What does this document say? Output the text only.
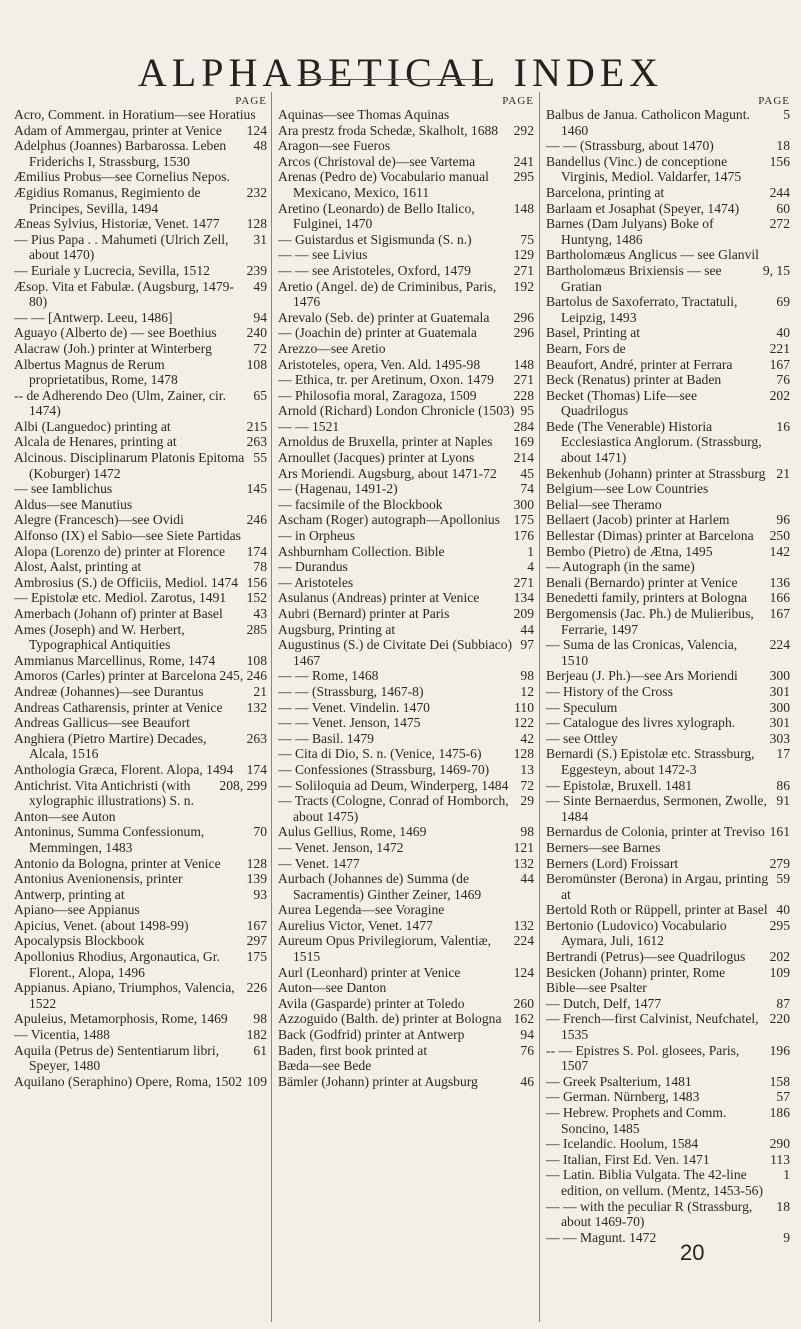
ALPHABETICAL INDEX
PAGE
Acro, Comment. in Horatium—see Horatius
124
Adam of Ammergau, printer at Venice
48
Adelphus (Joannes) Barbarossa. Leben Friderichs I, Strassburg, 1530
Æmilius Probus—see Cornelius Nepos.
232
Ægidius Romanus, Regimiento de Principes, Sevilla, 1494
128
Æneas Sylvius, Historiæ, Venet. 1477
31
— Pius Papa . . Mahumeti (Ulrich Zell, about 1470)
239
— Euriale y Lucrecia, Sevilla, 1512
49
Æsop. Vita et Fabulæ. (Augsburg, 1479-80)
94
— — [Antwerp. Leeu, 1486]
240
Aguayo (Alberto de) — see Boethius
72
Alacraw (Joh.) printer at Winterberg
108
Albertus Magnus de Rerum proprietatibus, Rome, 1478
65
-- de Adherendo Deo (Ulm, Zainer, cir. 1474)
215
Albi (Languedoc) printing at
263
Alcala de Henares, printing at
55
Alcinous. Disciplinarum Platonis Epitoma (Koburger) 1472
145
— see Iamblichus
Aldus—see Manutius
246
Alegre (Francesch)—see Ovidi
Alfonso (IX) el Sabio—see Siete Partidas
174
Alopa (Lorenzo de) printer at Florence
78
Alost, Aalst, printing at
156
Ambrosius (S.) de Officiis, Mediol. 1474
152
— Epistolæ etc. Mediol. Zarotus, 1491
43
Amerbach (Johann of) printer at Basel
285
Ames (Joseph) and W. Herbert, Typographical Antiquities
108
Ammianus Marcellinus, Rome, 1474
245, 246
Amoros (Carles) printer at Barcelona
21
Andreæ (Johannes)—see Durantus
132
Andreas Catharensis, printer at Venice
Andreas Gallicus—see Beaufort
263
Anghiera (Pietro Martire) Decades, Alcala, 1516
174
Anthologia Græca, Florent. Alopa, 1494
208, 299
Antichrist. Vita Antichristi (with xylographic illustrations) S. n.
Anton—see Auton
70
Antoninus, Summa Confessionum, Memmingen, 1483
128
Antonio da Bologna, printer at Venice
139
Antonius Avenionensis, printer
93
Antwerp, printing at
Apiano—see Appianus
167
Apicius, Venet. (about 1498-99)
297
Apocalypsis Blockbook
175
Apollonius Rhodius, Argonautica, Gr. Florent., Alopa, 1496
226
Appianus. Apiano, Triumphos, Valencia, 1522
98
Apuleius, Metamorphosis, Rome, 1469
182
— Vicentia, 1488
61
Aquila (Petrus de) Sententiarum libri, Speyer, 1480
109
Aquilano (Seraphino) Opere, Roma, 1502
PAGE
Aquinas—see Thomas Aquinas
292
Ara prestz froda Schedæ, Skalholt, 1688
Aragon—see Fueros
241
Arcos (Christoval de)—see Vartema
295
Arenas (Pedro de) Vocabulario manual Mexicano, Mexico, 1611
148
Aretino (Leonardo) de Bello Italico, Fulginei, 1470
75
— Guistardus et Sigismunda (S. n.)
129
— — see Livius
271
— — see Aristoteles, Oxford, 1479
192
Aretio (Angel. de) de Criminibus, Paris, 1476
296
Arevalo (Seb. de) printer at Guatemala
296
— (Joachin de) printer at Guatemala
Arezzo—see Aretio
148
Aristoteles, opera, Ven. Ald. 1495-98
271
— Ethica, tr. per Aretinum, Oxon. 1479
228
— Philosofia moral, Zaragoza, 1509
95
Arnold (Richard) London Chronicle (1503)
284
— — 1521
169
Arnoldus de Bruxella, printer at Naples
214
Arnoullet (Jacques) printer at Lyons
45
Ars Moriendi. Augsburg, about 1471-72
74
— (Hagenau, 1491-2)
300
— facsimile of the Blockbook
175
Ascham (Roger) autograph—Apollonius
176
— in Orpheus
1
Ashburnham Collection. Bible
4
— Durandus
271
— Aristoteles
134
Asulanus (Andreas) printer at Venice
209
Aubri (Bernard) printer at Paris
44
Augsburg, Printing at
97
Augustinus (S.) de Civitate Dei (Subbiaco) 1467
98
— — Rome, 1468
12
— — (Strassburg, 1467-8)
110
— — Venet. Vindelin. 1470
122
— — Venet. Jenson, 1475
42
— — Basil. 1479
128
— Cita di Dio, S. n. (Venice, 1475-6)
13
— Confessiones (Strassburg, 1469-70)
72
— Soliloquia ad Deum, Winderperg, 1484
29
— Tracts (Cologne, Conrad of Homborch, about 1475)
98
Aulus Gellius, Rome, 1469
121
— Venet. Jenson, 1472
132
— Venet. 1477
44
Aurbach (Johannes de) Summa (de Sacramentis) Ginther Zeiner, 1469
Aurea Legenda—see Voragine
132
Aurelius Victor, Venet. 1477
224
Aureum Opus Privilegiorum, Valentiæ, 1515
124
Aurl (Leonhard) printer at Venice
Auton—see Danton
260
Avila (Gasparde) printer at Toledo
162
Azzoguido (Balth. de) printer at Bologna
94
Back (Godfrid) printer at Antwerp
76
Baden, first book printed at
Bæda—see Bede
46
Bämler (Johann) printer at Augsburg
PAGE
5
Balbus de Janua. Catholicon Magunt. 1460
18
— — (Strassburg, about 1470)
156
Bandellus (Vinc.) de conceptione Virginis, Mediol. Valdarfer, 1475
244
Barcelona, printing at
60
Barlaam et Josaphat (Speyer, 1474)
272
Barnes (Dam Julyans) Boke of Huntyng, 1486
Bartholomæus Anglicus — see Glanvil
9, 15
Bartholomæus Brixiensis — see Gratian
69
Bartolus de Saxoferrato, Tractatuli, Leipzig, 1493
40
Basel, Printing at
221
Bearn, Fors de
167
Beaufort, André, printer at Ferrara
76
Beck (Renatus) printer at Baden
202
Becket (Thomas) Life—see Quadrilogus
16
Bede (The Venerable) Historia Ecclesiastica Anglorum. (Strassburg, about 1471)
21
Bekenhub (Johann) printer at Strassburg
Belgium—see Low Countries
Belial—see Theramo
96
Bellaert (Jacob) printer at Harlem
250
Bellestar (Dimas) printer at Barcelona
142
Bembo (Pietro) de Ætna, 1495
— Autograph (in the same)
136
Benali (Bernardo) printer at Venice
166
Benedetti family, printers at Bologna
167
Bergomensis (Jac. Ph.) de Mulieribus, Ferrarie, 1497
224
— Suma de las Cronicas, Valencia, 1510
300
Berjeau (J. Ph.)—see Ars Moriendi
301
— History of the Cross
300
— Speculum
301
— Catalogue des livres xylograph.
303
— see Ottley
17
Bernardi (S.) Epistolæ etc. Strassburg, Eggesteyn, about 1472-3
86
— Epistolæ, Bruxell. 1481
91
— Sinte Bernaerdus, Sermonen, Zwolle, 1484
161
Bernardus de Colonia, printer at Treviso
Berners—see Barnes
279
Berners (Lord) Froissart
59
Beromünster (Berona) in Argau, printing at
40
Bertold Roth or Rüppell, printer at Basel
295
Bertonio (Ludovico) Vocabulario Aymara, Juli, 1612
202
Bertrandi (Petrus)—see Quadrilogus
109
Besicken (Johann) printer, Rome
Bible—see Psalter
87
— Dutch, Delf, 1477
220
— French—first Calvinist, Neufchatel, 1535
196
-- — Epistres S. Pol. glosees, Paris, 1507
158
— Greek Psalterium, 1481
57
— German. Nürnberg, 1483
186
— Hebrew. Prophets and Comm. Soncino, 1485
290
— Icelandic. Hoolum, 1584
113
— Italian, First Ed. Ven. 1471
1
— Latin. Biblia Vulgata. The 42-line edition, on vellum. (Mentz, 1453-56)
18
— — with the peculiar R (Strassburg, about 1469-70)
9
— — Magunt. 1472
20
